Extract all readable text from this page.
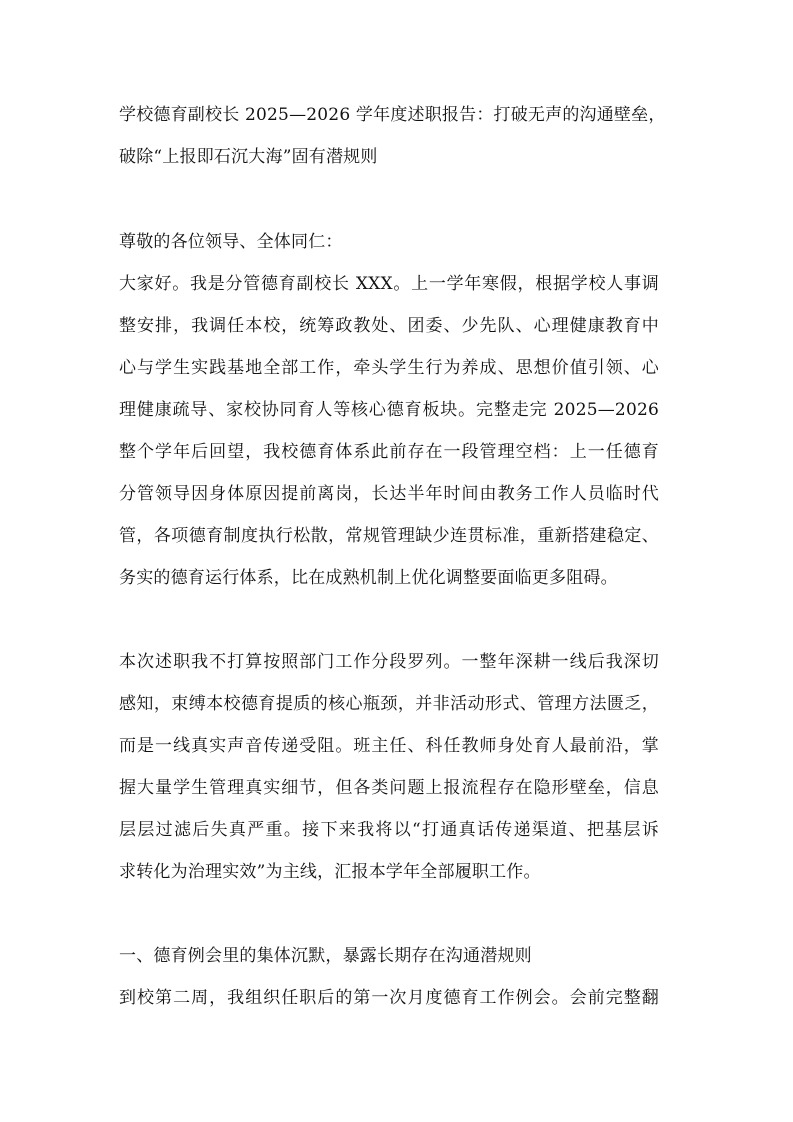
学校德育副校长 2025—2026 学年度述职报告：打破无声的沟通壁垒，
破除“上报即石沉大海”固有潜规则
尊敬的各位领导、全体同仁：
大家好。我是分管德育副校长 XXX。上一学年寒假，根据学校人事调
整安排，我调任本校，统筹政教处、团委、少先队、心理健康教育中
心与学生实践基地全部工作，牵头学生行为养成、思想价值引领、心
理健康疏导、家校协同育人等核心德育板块。完整走完 2025—2026
整个学年后回望，我校德育体系此前存在一段管理空档：上一任德育
分管领导因身体原因提前离岗，长达半年时间由教务工作人员临时代
管，各项德育制度执行松散，常规管理缺少连贯标准，重新搭建稳定、
务实的德育运行体系，比在成熟机制上优化调整要面临更多阻碍。
本次述职我不打算按照部门工作分段罗列。一整年深耕一线后我深切
感知，束缚本校德育提质的核心瓶颈，并非活动形式、管理方法匮乏，
而是一线真实声音传递受阻。班主任、科任教师身处育人最前沿，掌
握大量学生管理真实细节，但各类问题上报流程存在隐形壁垒，信息
层层过滤后失真严重。接下来我将以“打通真话传递渠道、把基层诉
求转化为治理实效”为主线，汇报本学年全部履职工作。
一、德育例会里的集体沉默，暴露长期存在沟通潜规则
到校第二周，我组织任职后的第一次月度德育工作例会。会前完整翻
